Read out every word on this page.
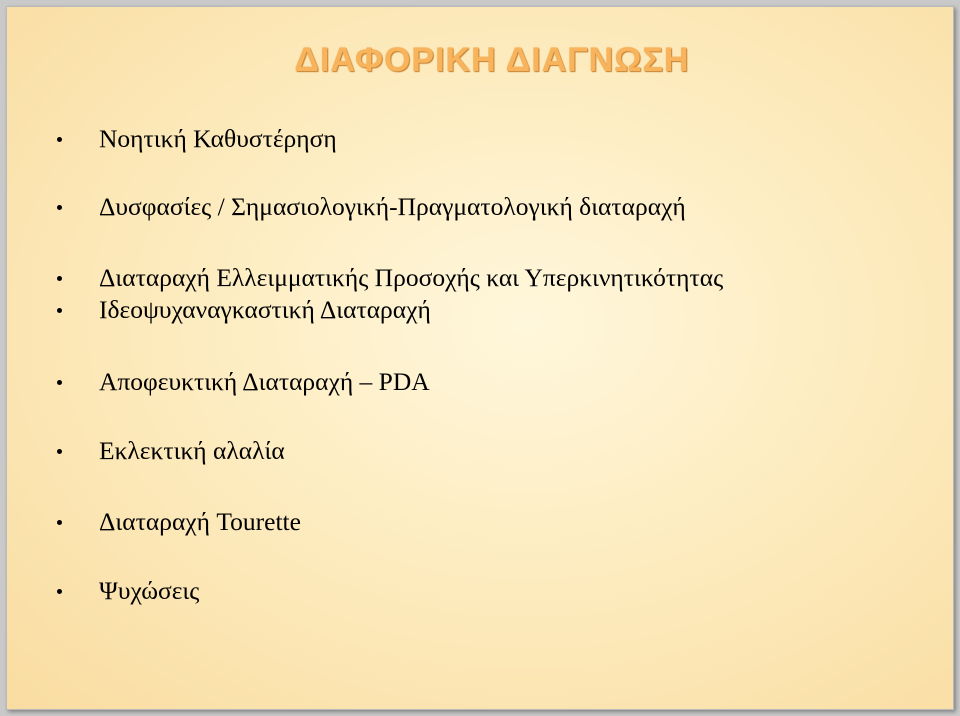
ΔΙΑΦΟΡΙΚΗ ΔΙΑΓΝΩΣΗ
Νοητική Καθυστέρηση
Δυσφασίες / Σημασιολογική-Πραγματολογική διαταραχή
Διαταραχή Ελλειμματικής Προσοχής και Υπερκινητικότητας
Ιδεοψυχαναγκαστική Διαταραχή
Αποφευκτική Διαταραχή – PDA
Εκλεκτική αλαλία
Διαταραχή Tourette
Ψυχώσεις
